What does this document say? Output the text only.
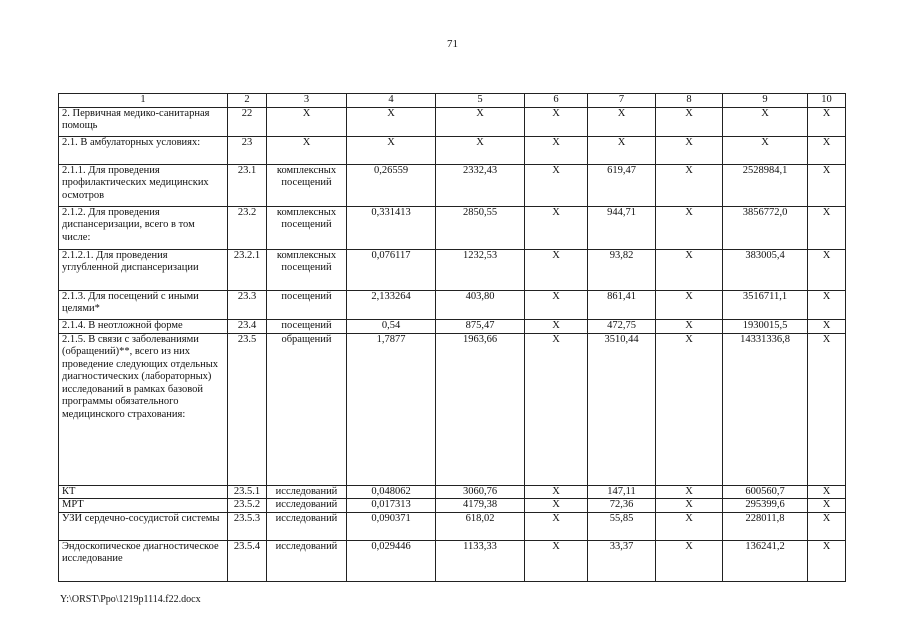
71
1	2	3	4	5	6	7	8	9	10
2. Первичная медико-санитарная помощь	22	X	X	X	X	X	X	X	X
2.1. В амбулаторных условиях:	23	X	X	X	X	X	X	X	X
2.1.1. Для проведения профилактических медицинских осмотров	23.1	комплексных посещений	0,26559	2332,43	X	619,47	X	2528984,1	X
2.1.2. Для проведения диспансеризации, всего в том числе:	23.2	комплексных посещений	0,331413	2850,55	X	944,71	X	3856772,0	X
2.1.2.1. Для проведения углубленной диспансеризации	23.2.1	комплексных посещений	0,076117	1232,53	X	93,82	X	383005,4	X
2.1.3. Для посещений с иными целями*	23.3	посещений	2,133264	403,80	X	861,41	X	3516711,1	X
2.1.4. В неотложной форме	23.4	посещений	0,54	875,47	X	472,75	X	1930015,5	X
2.1.5. В связи с заболеваниями (обращений)**, всего из них проведение следующих отдельных диагностических (лабораторных) исследований в рамках базовой программы обязательного медицинского страхования:	23.5	обращений	1,7877	1963,66	X	3510,44	X	14331336,8	X
КТ	23.5.1	исследований	0,048062	3060,76	X	147,11	X	600560,7	X
МРТ	23.5.2	исследований	0,017313	4179,38	X	72,36	X	295399,6	X
УЗИ сердечно-сосудистой системы	23.5.3	исследований	0,090371	618,02	X	55,85	X	228011,8	X
Эндоскопическое диагностическое исследование	23.5.4	исследований	0,029446	1133,33	X	33,37	X	136241,2	X
Y:\ORST\Ppo\1219p1114.f22.docx
